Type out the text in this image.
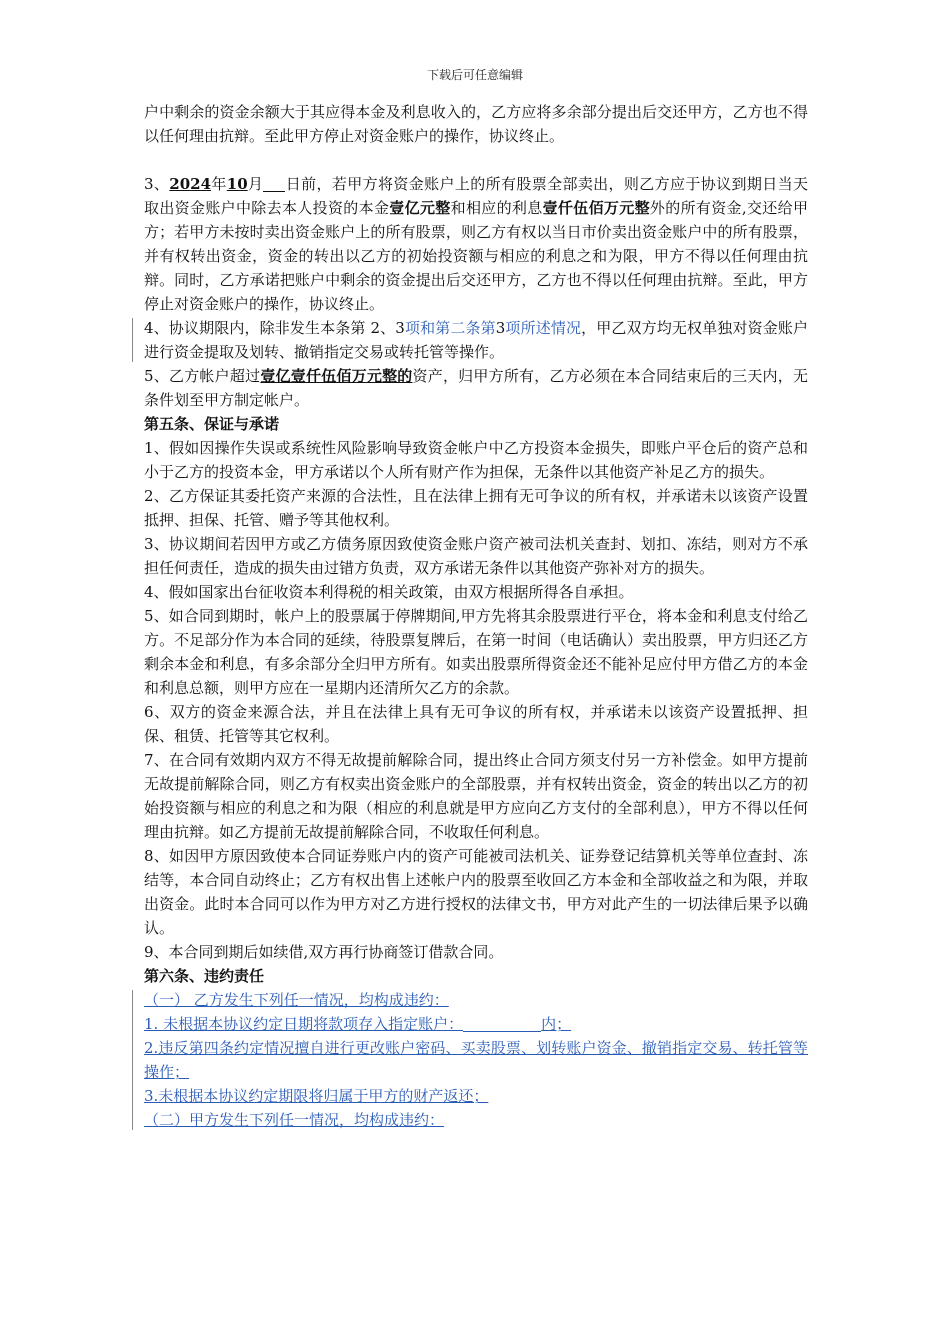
下载后可任意编辑

户中剩余的资金余额大于其应得本金及利息收入的，乙方应将多余部分提出后交还甲方，乙方也不得以任何理由抗辩。至此甲方停止对资金账户的操作，协议终止。

3、2024年10月 日前，若甲方将资金账户上的所有股票全部卖出，则乙方应于协议到期日当天取出资金账户中除去本人投资的本金壹亿元整和相应的利息壹仟伍佰万元整外的所有资金,交还给甲方；若甲方未按时卖出资金账户上的所有股票，则乙方有权以当日市价卖出资金账户中的所有股票，并有权转出资金，资金的转出以乙方的初始投资额与相应的利息之和为限，甲方不得以任何理由抗辩。同时，乙方承诺把账户中剩余的资金提出后交还甲方，乙方也不得以任何理由抗辩。至此，甲方停止对资金账户的操作，协议终止。

4、协议期限内，除非发生本条第 2、3项和第二条第3项所述情况，甲乙双方均无权单独对资金账户进行资金提取及划转、撤销指定交易或转托管等操作。

5、乙方帐户超过壹亿壹仟伍佰万元整的资产，归甲方所有，乙方必须在本合同结束后的三天内，无条件划至甲方制定帐户。

第五条、保证与承诺

1、假如因操作失误或系统性风险影响导致资金帐户中乙方投资本金损失，即账户平仓后的资产总和小于乙方的投资本金，甲方承诺以个人所有财产作为担保，无条件以其他资产补足乙方的损失。

2、乙方保证其委托资产来源的合法性，且在法律上拥有无可争议的所有权，并承诺未以该资产设置抵押、担保、托管、赠予等其他权利。

3、协议期间若因甲方或乙方债务原因致使资金账户资产被司法机关查封、划扣、冻结，则对方不承担任何责任，造成的损失由过错方负责，双方承诺无条件以其他资产弥补对方的损失。

4、假如国家出台征收资本利得税的相关政策，由双方根据所得各自承担。

5、如合同到期时，帐户上的股票属于停牌期间,甲方先将其余股票进行平仓，将本金和利息支付给乙方。不足部分作为本合同的延续，待股票复牌后，在第一时间（电话确认）卖出股票，甲方归还乙方剩余本金和利息，有多余部分全归甲方所有。如卖出股票所得资金还不能补足应付甲方借乙方的本金和利息总额，则甲方应在一星期内还清所欠乙方的余款。

6、双方的资金来源合法，并且在法律上具有无可争议的所有权，并承诺未以该资产设置抵押、担保、租赁、托管等其它权利。

7、在合同有效期内双方不得无故提前解除合同，提出终止合同方须支付另一方补偿金。如甲方提前无故提前解除合同，则乙方有权卖出资金账户的全部股票，并有权转出资金，资金的转出以乙方的初始投资额与相应的利息之和为限（相应的利息就是甲方应向乙方支付的全部利息），甲方不得以任何理由抗辩。如乙方提前无故提前解除合同，不收取任何利息。

8、如因甲方原因致使本合同证券账户内的资产可能被司法机关、证券登记结算机关等单位查封、冻结等，本合同自动终止；乙方有权出售上述帐户内的股票至收回乙方本金和全部收益之和为限，并取出资金。此时本合同可以作为甲方对乙方进行授权的法律文书，甲方对此产生的一切法律后果予以确认。

9、本合同到期后如续借,双方再行协商签订借款合同。

第六条、违约责任

（一） 乙方发生下列任一情况，均构成违约：

1. 未根据本协议约定日期将款项存入指定账户：	内；

2.违反第四条约定情况擅自进行更改账户密码、买卖股票、划转账户资金、撤销指定交易、转托管等操作；

3.未根据本协议约定期限将归属于甲方的财产返还；

（二）甲方发生下列任一情况，均构成违约：
